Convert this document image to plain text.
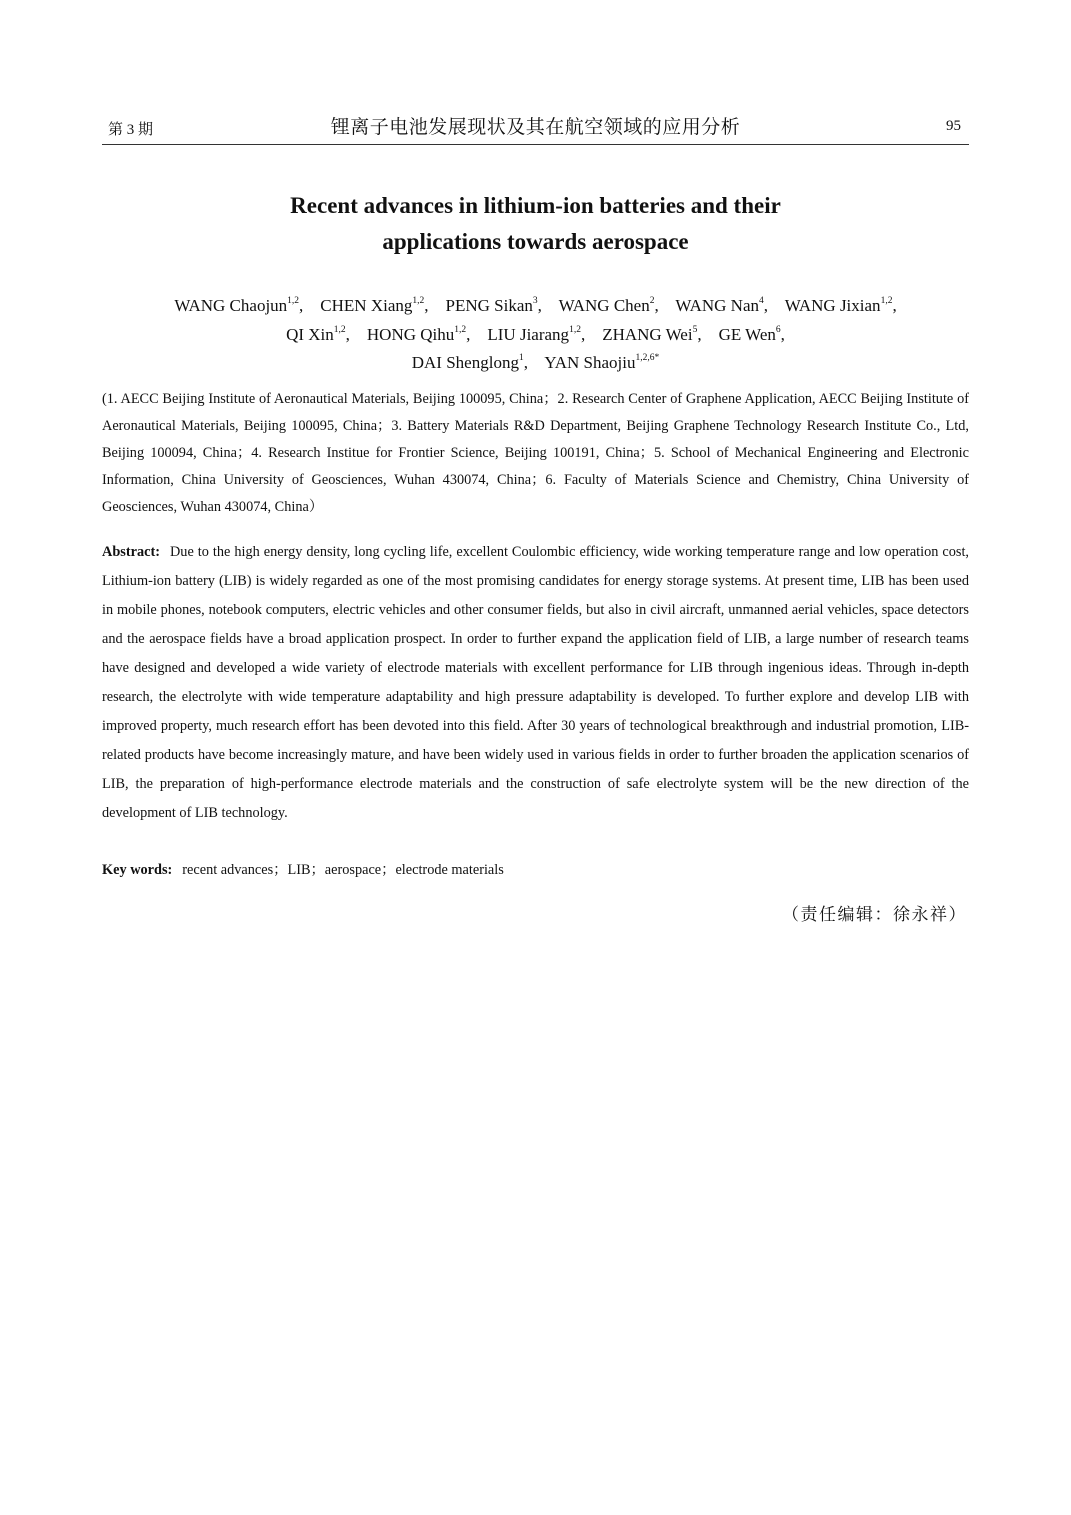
第 3 期	锂离子电池发展现状及其在航空领域的应用分析	95
Recent advances in lithium-ion batteries and their
applications towards aerospace
WANG Chaojun$^{1,2}$, CHEN Xiang$^{1,2}$, PENG Sikan$^3$, WANG Chen$^2$, WANG Nan$^4$, WANG Jixian$^{1,2}$,
QI Xin$^{1,2}$, HONG Qihu$^{1,2}$, LIU Jiarang$^{1,2}$, ZHANG Wei$^5$, GE Wen$^6$,
DAI Shenglong$^1$, YAN Shaojiu$^{1,2,6*}$
(1. AECC Beijing Institute of Aeronautical Materials, Beijing 100095, China；2. Research Center of Graphene Application, AECC Beijing Institute of Aeronautical Materials, Beijing 100095, China；3. Battery Materials R&D Department, Beijing Graphene Technology Research Institute Co., Ltd, Beijing 100094, China；4. Research Institue for Frontier Science, Beijing 100191, China；5. School of Mechanical Engineering and Electronic Information, China University of Geosciences, Wuhan 430074, China；6. Faculty of Materials Science and Chemistry, China University of Geosciences, Wuhan 430074, China）
Abstract: Due to the high energy density, long cycling life, excellent Coulombic efficiency, wide working temperature range and low operation cost, Lithium-ion battery (LIB) is widely regarded as one of the most promising candidates for energy storage systems. At present time, LIB has been used in mobile phones, notebook computers, electric vehicles and other consumer fields, but also in civil aircraft, unmanned aerial vehicles, space detectors and the aerospace fields have a broad application prospect. In order to further expand the application field of LIB, a large number of research teams have designed and developed a wide variety of electrode materials with excellent performance for LIB through ingenious ideas. Through in-depth research, the electrolyte with wide temperature adaptability and high pressure adaptability is developed. To further explore and develop LIB with improved property, much research effort has been devoted into this field. After 30 years of technological breakthrough and industrial promotion, LIB-related products have become increasingly mature, and have been widely used in various fields in order to further broaden the application scenarios of LIB, the preparation of high-performance electrode materials and the construction of safe electrolyte system will be the new direction of the development of LIB technology.
Key words: recent advances；LIB；aerospace；electrode materials
（责任编辑：徐永祥）
